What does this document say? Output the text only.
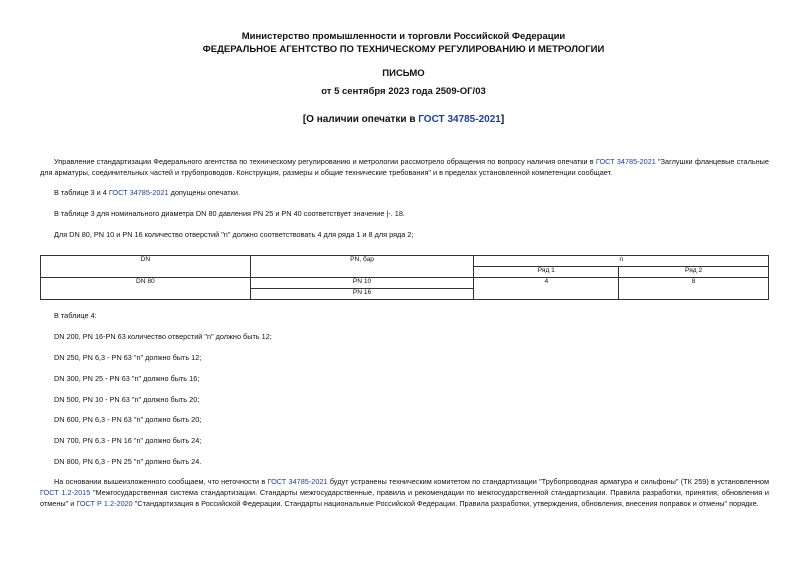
Министерство промышленности и торговли Российской Федерации
ФЕДЕРАЛЬНОЕ АГЕНТСТВО ПО ТЕХНИЧЕСКОМУ РЕГУЛИРОВАНИЮ И МЕТРОЛОГИИ
ПИСЬМО
от 5 сентября 2023 года 2509-ОГ/03
[О наличии опечатки в ГОСТ 34785-2021]
Управление стандартизации Федерального агентства по техническому регулированию и метрологии рассмотрело обращения по вопросу наличия опечатки в ГОСТ 34785-2021 "Заглушки фланцевые стальные для арматуры, соединительных частей и трубопроводов. Конструкция, размеры и общие технические требования" и в пределах установленной компетенции сообщает.
В таблице 3 и 4 ГОСТ 34785-2021 допущены опечатки.
В таблице 3 для номинального диаметра DN 80 давления PN 25 и PN 40 соответствует значение |-. 18.
Для DN 80, PN 10 и PN 16 количество отверстий "n" должно соответствовать 4 для ряда 1 и 8 для ряда 2;
DN	PN, бар	n	
		Ряд 1	Ряд 2
DN 80	PN 10	4	8
	PN 16		
В таблице 4:
DN 200, PN 16-PN 63 количество отверстий "n" должно быть 12;
DN 250, PN 6,3 - PN 63 "n" должно быть 12;
DN 300, PN 25 - PN 63 "n" должно быть 16;
DN 500, PN 10 - PN 63 "n" должно быть 20;
DN 600, PN 6,3 - PN 63 "n" должно быть 20;
DN 700, PN 6,3 - PN 16 "n" должно быть 24;
DN 800, PN 6,3 - PN 25 "n" должно быть 24.
На основании вышеизложенного сообщаем, что неточности в ГОСТ 34785-2021 будут устранены техническим комитетом по стандартизации "Трубопроводная арматура и сильфоны" (ТК 259) в установленном ГОСТ 1.2-2015 "Межгосударственная система стандартизации. Стандарты межгосударственные, правила и рекомендации по межгосударственной стандартизации. Правила разработки, принятия, обновления и отмены" и ГОСТ Р 1.2-2020 "Стандартизация в Российской Федерации. Стандарты национальные Российской Федерации. Правила разработки, утверждения, обновления, внесения поправок и отмены" порядке.
